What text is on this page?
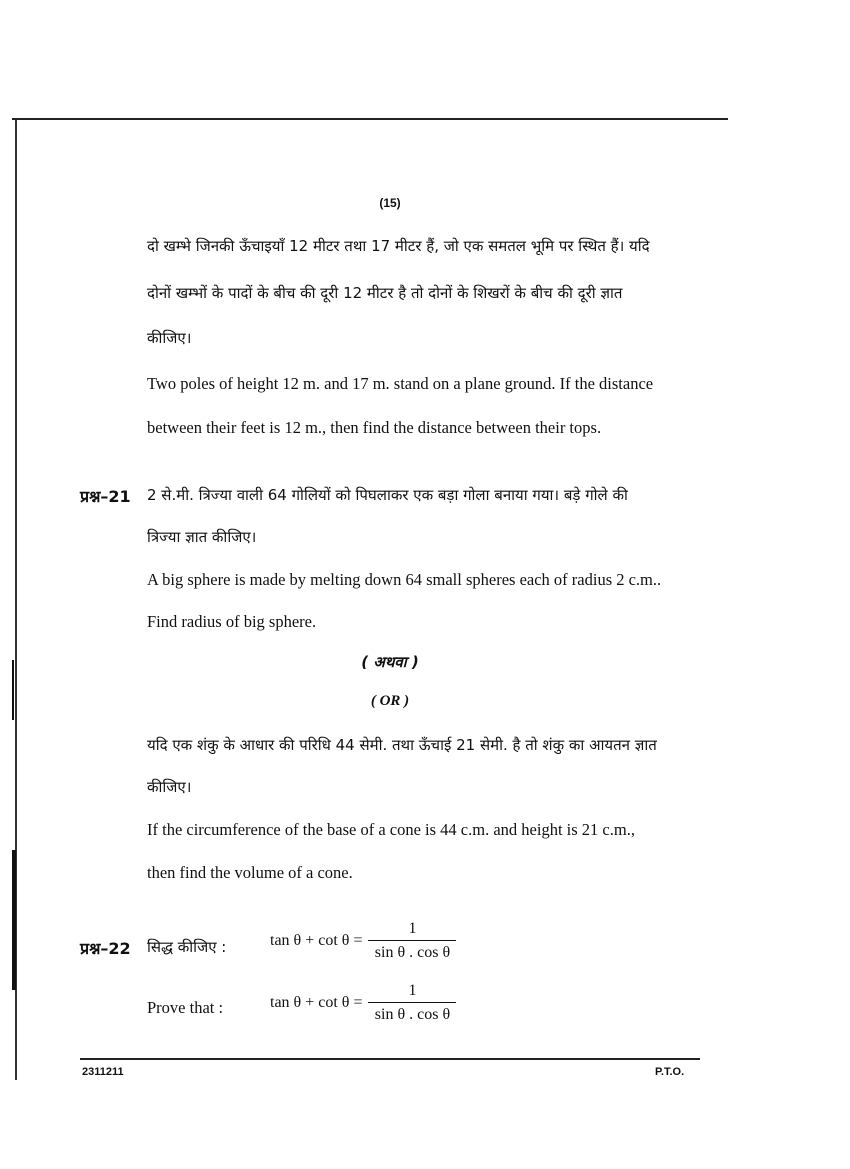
(15)
दो खम्भे जिनकी ऊँचाइयाँ 12 मीटर तथा 17 मीटर हैं, जो एक समतल भूमि पर स्थित हैं। यदि
दोनों खम्भों के पादों के बीच की दूरी 12 मीटर है तो दोनों के शिखरों के बीच की दूरी ज्ञात
कीजिए।
Two poles of height 12 m. and 17 m. stand on a plane ground. If the distance
between their feet is 12 m., then find the distance between their tops.
प्रश्न–21 2 से.मी. त्रिज्या वाली 64 गोलियों को पिघलाकर एक बड़ा गोला बनाया गया। बड़े गोले की
त्रिज्या ज्ञात कीजिए।
A big sphere is made by melting down 64 small spheres each of radius 2 c.m..
Find radius of big sphere.
( अथवा )
( OR )
यदि एक शंकु के आधार की परिधि 44 सेमी. तथा ऊँचाई 21 सेमी. है तो शंकु का आयतन ज्ञात
कीजिए।
If the circumference of the base of a cone is 44 c.m. and height is 21 c.m.,
then find the volume of a cone.
प्रश्न–22 सिद्ध कीजिए :	$\tan \theta + \cot \theta = \frac{1}{\text{sin θ . cos θ}}$
Prove that :	$\tan \theta + \cot \theta = \frac{1}{\text{sin θ . cos θ}}$
2311211	P.T.O.
